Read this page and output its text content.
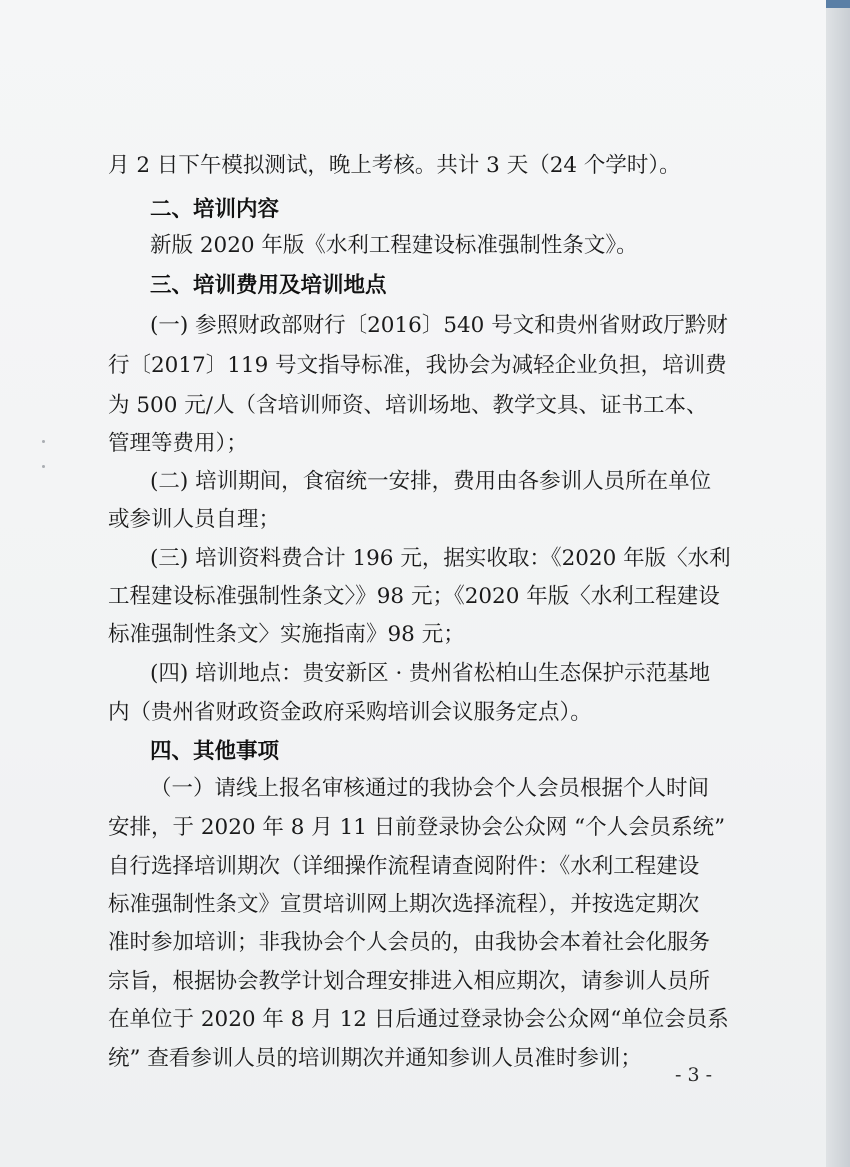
月 2 日下午模拟测试，晚上考核。共计 3 天（24 个学时）。

二、培训内容

新版 2020 年版《水利工程建设标准强制性条文》。

三、培训费用及培训地点

(一) 参照财政部财行〔2016〕540 号文和贵州省财政厅黔财

行〔2017〕119 号文指导标准，我协会为减轻企业负担，培训费

为 500 元/人（含培训师资、培训场地、教学文具、证书工本、

管理等费用）；

(二) 培训期间，食宿统一安排，费用由各参训人员所在单位

或参训人员自理；

(三) 培训资料费合计 196 元，据实收取：《2020 年版〈水利

工程建设标准强制性条文〉》98 元；《2020 年版〈水利工程建设

标准强制性条文〉实施指南》98 元；

(四) 培训地点：贵安新区 · 贵州省松柏山生态保护示范基地

内（贵州省财政资金政府采购培训会议服务定点）。

四、其他事项

（一）请线上报名审核通过的我协会个人会员根据个人时间

安排，于 2020 年 8 月 11 日前登录协会公众网 “个人会员系统”

自行选择培训期次（详细操作流程请查阅附件：《水利工程建设

标准强制性条文》宣贯培训网上期次选择流程），并按选定期次

准时参加培训；非我协会个人会员的，由我协会本着社会化服务

宗旨，根据协会教学计划合理安排进入相应期次，请参训人员所

在单位于 2020 年 8 月 12 日后通过登录协会公众网“单位会员系

统” 查看参训人员的培训期次并通知参训人员准时参训；

- 3 -
